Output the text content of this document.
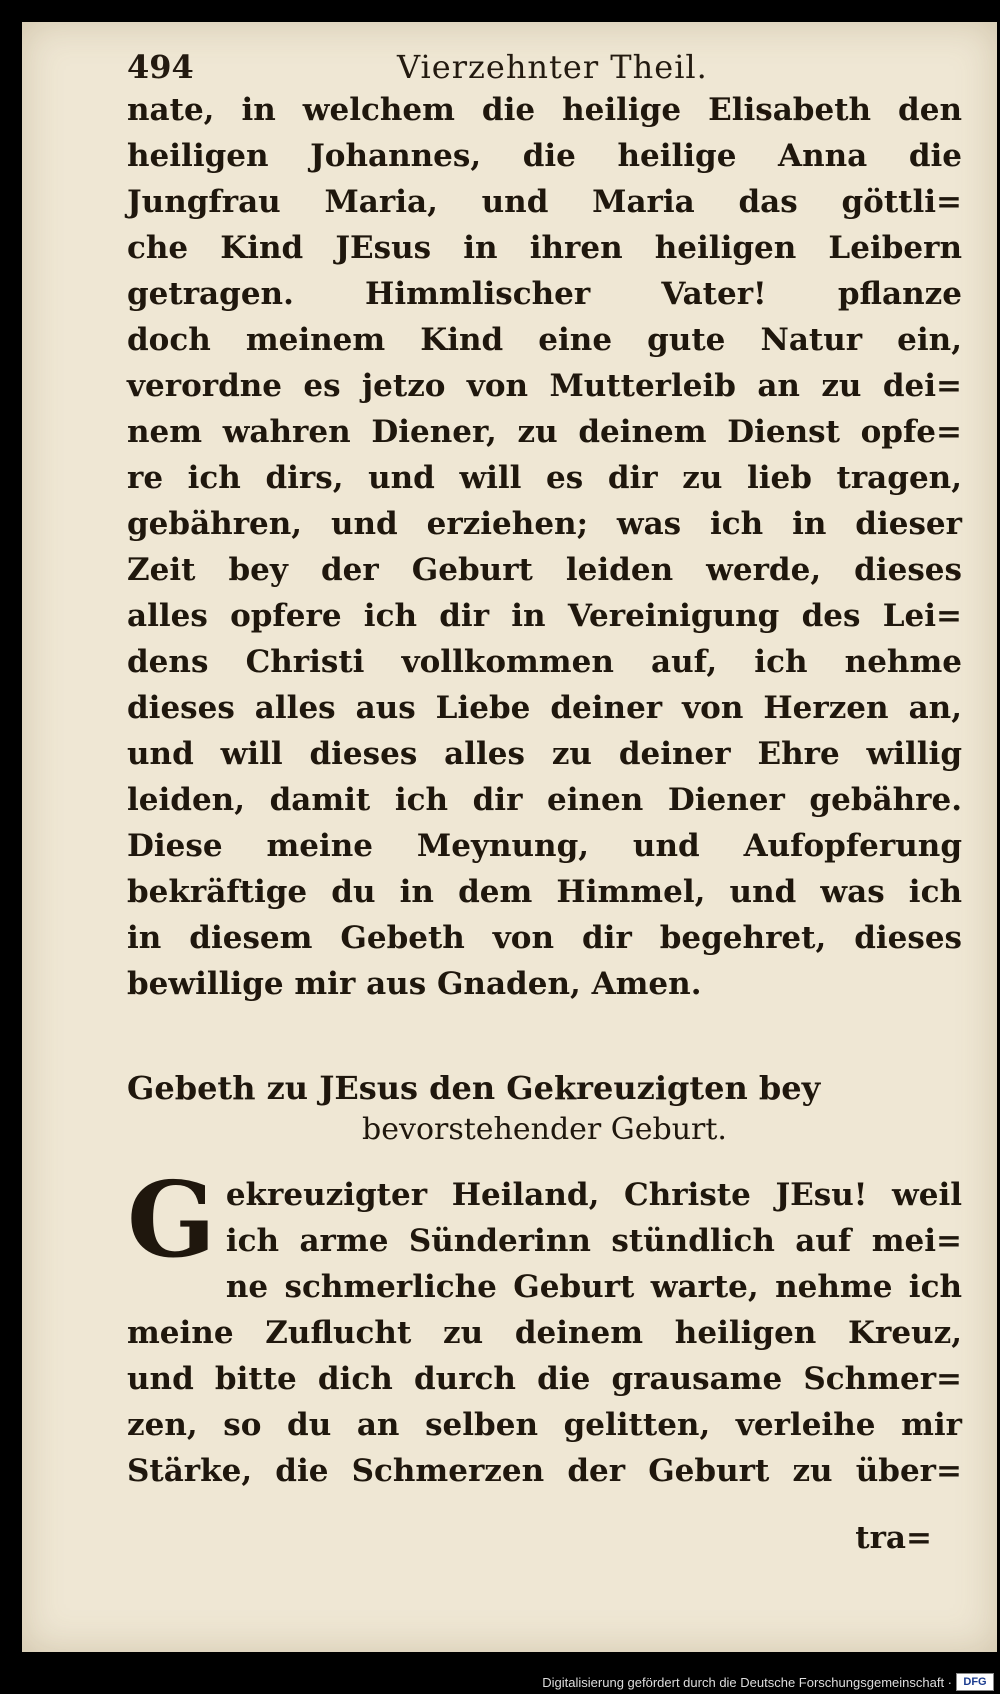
494	Vierzehnter Theil.
nate, in welchem die heilige Elisabeth den
heiligen Johannes, die heilige Anna die
Jungfrau Maria, und Maria das göttli=
che Kind JEsus in ihren heiligen Leibern
getragen. Himmlischer Vater! pflanze
doch meinem Kind eine gute Natur ein,
verordne es jetzo von Mutterleib an zu dei=
nem wahren Diener, zu deinem Dienst opfe=
re ich dirs, und will es dir zu lieb tragen,
gebähren, und erziehen; was ich in dieser
Zeit bey der Geburt leiden werde, dieses
alles opfere ich dir in Vereinigung des Lei=
dens Christi vollkommen auf, ich nehme
dieses alles aus Liebe deiner von Herzen an,
und will dieses alles zu deiner Ehre willig
leiden, damit ich dir einen Diener gebähre.
Diese meine Meynung, und Aufopferung
bekräftige du in dem Himmel, und was ich
in diesem Gebeth von dir begehret, dieses
bewillige mir aus Gnaden, Amen.
Gebeth zu JEsus den Gekreuzigten bey
bevorstehender Geburt.
G ekreuzigter Heiland, Christe JEsu! weil
ich arme Sünderinn stündlich auf mei=
ne schmerliche Geburt warte, nehme ich
meine Zuflucht zu deinem heiligen Kreuz,
und bitte dich durch die grausame Schmer=
zen, so du an selben gelitten, verleihe mir
Stärke, die Schmerzen der Geburt zu über=
tra=
Digitalisierung gefördert durch die Deutsche Forschungsgemeinschaft ·	DFG
